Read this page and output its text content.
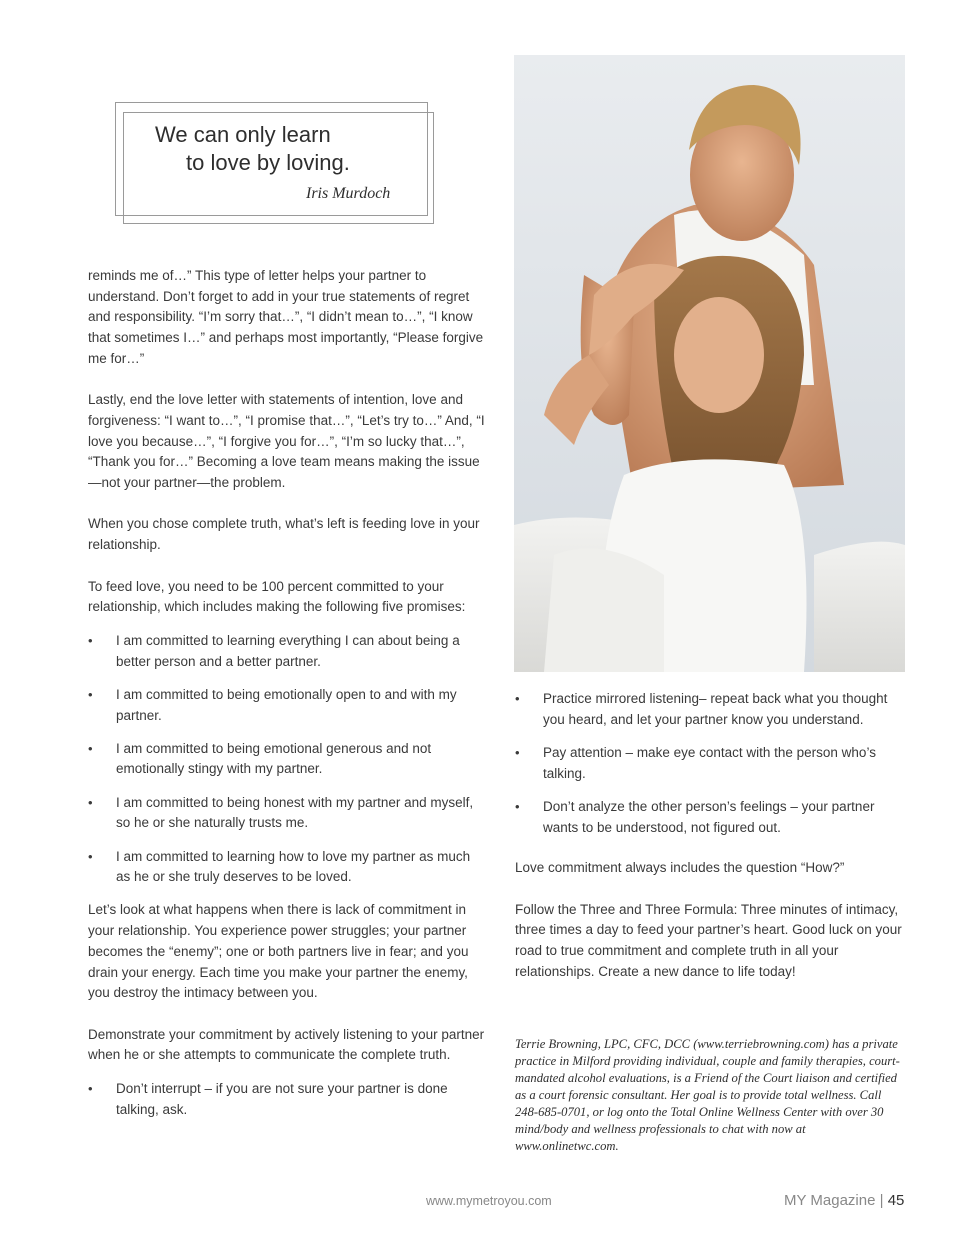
We can only learn
to love by loving.
Iris Murdoch

reminds me of…” This type of letter helps your partner to understand. Don’t forget to add in your true statements of regret and responsibility. “I’m sorry that…”, “I didn’t mean to…”, “I know that sometimes I…” and perhaps most importantly, “Please forgive me for…”

Lastly, end the love letter with statements of intention, love and forgiveness: “I want to…”, “I promise that…”, “Let’s try to…” And, “I love you because…”, “I forgive you for…”, “I’m so lucky that…”, “Thank you for…” Becoming a love team means making the issue—not your partner—the problem.

When you chose complete truth, what’s left is feeding love in your relationship.

To feed love, you need to be 100 percent committed to your relationship, which includes making the following five promises:

• I am committed to learning everything I can about being a better person and a better partner.
• I am committed to being emotionally open to and with my partner.
• I am committed to being emotional generous and not emotionally stingy with my partner.
• I am committed to being honest with my partner and myself, so he or she naturally trusts me.
• I am committed to learning how to love my partner as much as he or she truly deserves to be loved.

Let’s look at what happens when there is lack of commitment in your relationship. You experience power struggles; your partner becomes the “enemy”; one or both partners live in fear; and you drain your energy. Each time you make your partner the enemy, you destroy the intimacy between you.

Demonstrate your commitment by actively listening to your partner when he or she attempts to communicate the complete truth.

• Don’t interrupt – if you are not sure your partner is done talking, ask.
• Practice mirrored listening– repeat back what you thought you heard, and let your partner know you understand.
• Pay attention – make eye contact with the person who’s talking.
• Don’t analyze the other person’s feelings – your partner wants to be understood, not figured out.

Love commitment always includes the question “How?”

Follow the Three and Three Formula: Three minutes of intimacy, three times a day to feed your partner’s heart. Good luck on your road to true commitment and complete truth in all your relationships. Create a new dance to life today!

Terrie Browning, LPC, CFC, DCC (www.terriebrowning.com) has a private practice in Milford providing individual, couple and family therapies, court-mandated alcohol evaluations, is a Friend of the Court liaison and certified as a court forensic consultant. Her goal is to provide total wellness. Call 248-685-0701, or log onto the Total Online Wellness Center with over 30 mind/body and wellness professionals to chat with now at www.onlinetwc.com.
www.mymetroyou.com	MY Magazine | 45
